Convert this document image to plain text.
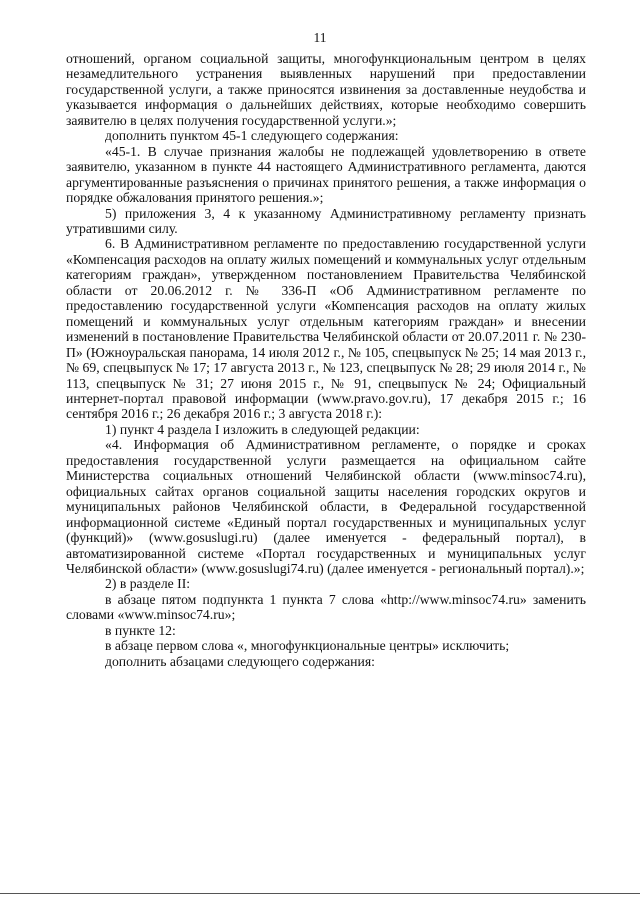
11

отношений, органом социальной защиты, многофункциональным центром в целях незамедлительного устранения выявленных нарушений при предоставлении государственной услуги, а также приносятся извинения за доставленные неудобства и указывается информация о дальнейших действиях, которые необходимо совершить заявителю в целях получения государственной услуги.»;

дополнить пунктом 45-1 следующего содержания:

«45-1. В случае признания жалобы не подлежащей удовлетворению в ответе заявителю, указанном в пункте 44 настоящего Административного регламента, даются аргументированные разъяснения о причинах принятого решения, а также информация о порядке обжалования принятого решения.»;

5) приложения 3, 4 к указанному Административному регламенту признать утратившими силу.

6. В Административном регламенте по предоставлению государственной услуги «Компенсация расходов на оплату жилых помещений и коммунальных услуг отдельным категориям граждан», утвержденном постановлением Правительства Челябинской области от 20.06.2012 г. № 336-П «Об Административном регламенте по предоставлению государственной услуги «Компенсация расходов на оплату жилых помещений и коммунальных услуг отдельным категориям граждан» и внесении изменений в постановление Правительства Челябинской области от 20.07.2011 г. № 230-П» (Южноуральская панорама, 14 июля 2012 г., № 105, спецвыпуск № 25; 14 мая 2013 г., № 69, спецвыпуск № 17; 17 августа 2013 г., № 123, спецвыпуск № 28; 29 июля 2014 г., № 113, спецвыпуск № 31; 27 июня 2015 г., № 91, спецвыпуск № 24; Официальный интернет-портал правовой информации (www.pravo.gov.ru), 17 декабря 2015 г.; 16 сентября 2016 г.; 26 декабря 2016 г.; 3 августа 2018 г.):

1) пункт 4 раздела I изложить в следующей редакции:

«4. Информация об Административном регламенте, о порядке и сроках предоставления государственной услуги размещается на официальном сайте Министерства социальных отношений Челябинской области (www.minsoc74.ru), официальных сайтах органов социальной защиты населения городских округов и муниципальных районов Челябинской области, в Федеральной государственной информационной системе «Единый портал государственных и муниципальных услуг (функций)» (www.gosuslugi.ru) (далее именуется - федеральный портал), в автоматизированной системе «Портал государственных и муниципальных услуг Челябинской области» (www.gosuslugi74.ru) (далее именуется - региональный портал).»;

2) в разделе II:

в абзаце пятом подпункта 1 пункта 7 слова «http://www.minsoc74.ru» заменить словами «www.minsoc74.ru»;

в пункте 12:

в абзаце первом слова «, многофункциональные центры» исключить;

дополнить абзацами следующего содержания:
